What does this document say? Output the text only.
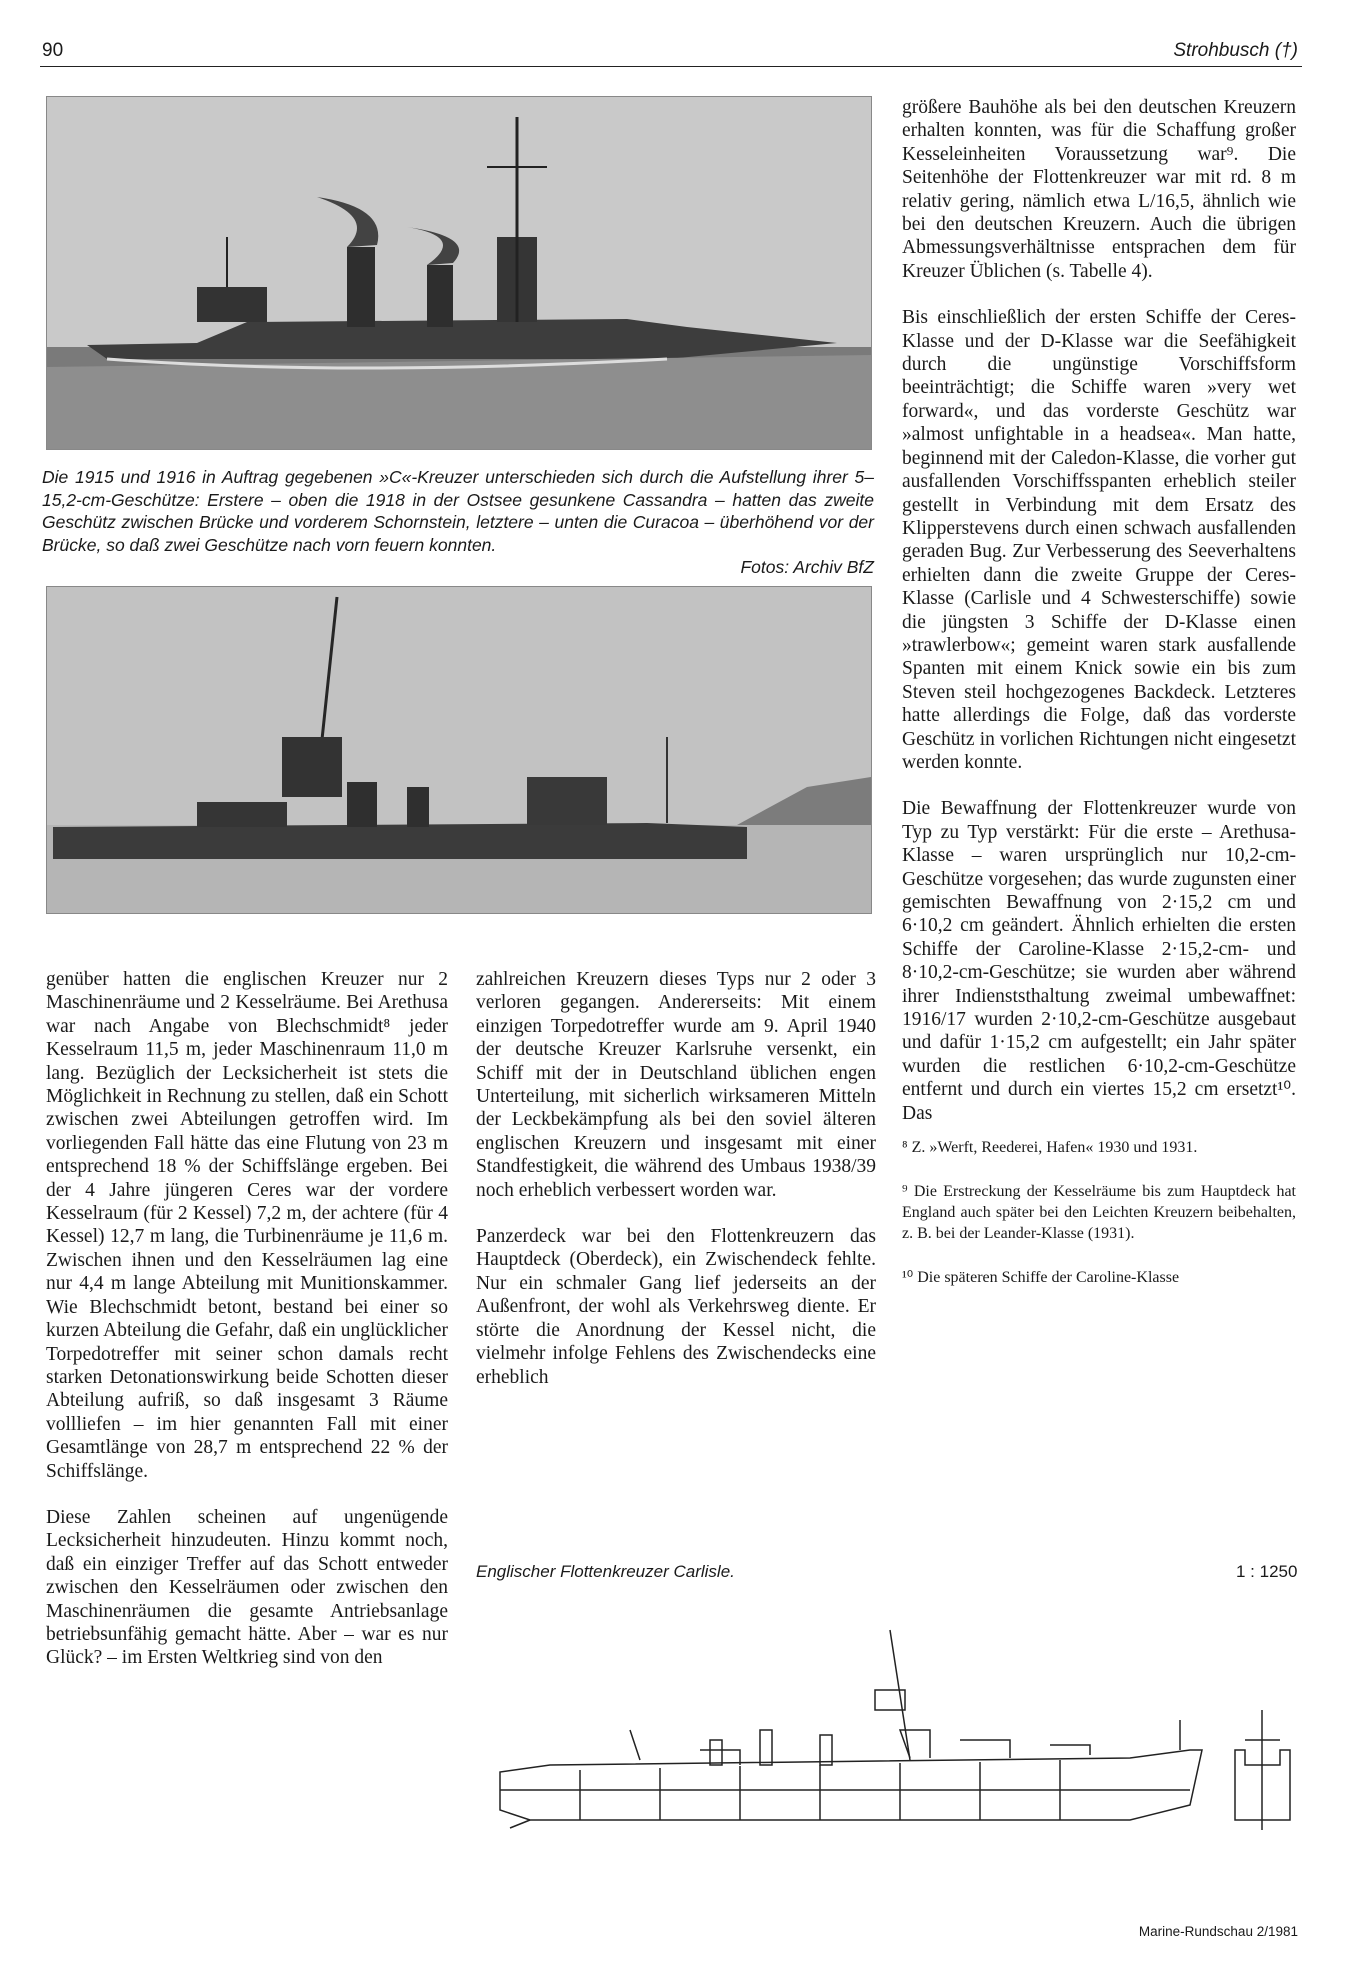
90	Strohbusch (†)
Die 1915 und 1916 in Auftrag gegebenen »C«-Kreuzer unterschieden sich durch die Aufstellung ihrer 5–15,2-cm-Geschütze: Erstere – oben die 1918 in der Ostsee gesunkene Cassandra – hatten das zweite Geschütz zwischen Brücke und vorderem Schornstein, letztere – unten die Curacoa – überhöhend vor der Brücke, so daß zwei Geschütze nach vorn feuern konnten.
Fotos: Archiv BfZ

größere Bauhöhe als bei den deutschen Kreuzern erhalten konnten, was für die Schaffung großer Kesseleinheiten Voraussetzung war⁹. Die Seitenhöhe der Flottenkreuzer war mit rd. 8 m relativ gering, nämlich etwa L/16,5, ähnlich wie bei den deutschen Kreuzern. Auch die übrigen Abmessungsverhältnisse entsprachen dem für Kreuzer Üblichen (s. Tabelle 4).

Bis einschließlich der ersten Schiffe der Ceres-Klasse und der D-Klasse war die Seefähigkeit durch die ungünstige Vorschiffsform beeinträchtigt; die Schiffe waren »very wet forward«, und das vorderste Geschütz war »almost unfightable in a headsea«. Man hatte, beginnend mit der Caledon-Klasse, die vorher gut ausfallenden Vorschiffsspanten erheblich steiler gestellt in Verbindung mit dem Ersatz des Klipperstevens durch einen schwach ausfallenden geraden Bug. Zur Verbesserung des Seeverhaltens erhielten dann die zweite Gruppe der Ceres-Klasse (Carlisle und 4 Schwesterschiffe) sowie die jüngsten 3 Schiffe der D-Klasse einen »trawlerbow«; gemeint waren stark ausfallende Spanten mit einem Knick sowie ein bis zum Steven steil hochgezogenes Backdeck. Letzteres hatte allerdings die Folge, daß das vorderste Geschütz in vorlichen Richtungen nicht eingesetzt werden konnte.

Die Bewaffnung der Flottenkreuzer wurde von Typ zu Typ verstärkt: Für die erste – Arethusa-Klasse – waren ursprünglich nur 10,2-cm-Geschütze vorgesehen; das wurde zugunsten einer gemischten Bewaffnung von 2·15,2 cm und 6·10,2 cm geändert. Ähnlich erhielten die ersten Schiffe der Caroline-Klasse 2·15,2-cm- und 8·10,2-cm-Geschütze; sie wurden aber während ihrer Indienststhaltung zweimal umbewaffnet: 1916/17 wurden 2·10,2-cm-Geschütze ausgebaut und dafür 1·15,2 cm aufgestellt; ein Jahr später wurden die restlichen 6·10,2-cm-Geschütze entfernt und durch ein viertes 15,2 cm ersetzt¹⁰. Das

⁸ Z. »Werft, Reederei, Hafen« 1930 und 1931.

⁹ Die Erstreckung der Kesselräume bis zum Hauptdeck hat England auch später bei den Leichten Kreuzern beibehalten, z. B. bei der Leander-Klasse (1931).

¹⁰ Die späteren Schiffe der Caroline-Klasse

genüber hatten die englischen Kreuzer nur 2 Maschinenräume und 2 Kesselräume. Bei Arethusa war nach Angabe von Blechschmidt⁸ jeder Kesselraum 11,5 m, jeder Maschinenraum 11,0 m lang. Bezüglich der Lecksicherheit ist stets die Möglichkeit in Rechnung zu stellen, daß ein Schott zwischen zwei Abteilungen getroffen wird. Im vorliegenden Fall hätte das eine Flutung von 23 m entsprechend 18 % der Schiffslänge ergeben. Bei der 4 Jahre jüngeren Ceres war der vordere Kesselraum (für 2 Kessel) 7,2 m, der achtere (für 4 Kessel) 12,7 m lang, die Turbinenräume je 11,6 m. Zwischen ihnen und den Kesselräumen lag eine nur 4,4 m lange Abteilung mit Munitionskammer. Wie Blechschmidt betont, bestand bei einer so kurzen Abteilung die Gefahr, daß ein unglücklicher Torpedotreffer mit seiner schon damals recht starken Detonationswirkung beide Schotten dieser Abteilung aufriß, so daß insgesamt 3 Räume vollliefen – im hier genannten Fall mit einer Gesamtlänge von 28,7 m entsprechend 22 % der Schiffslänge.

Diese Zahlen scheinen auf ungenügende Lecksicherheit hinzudeuten. Hinzu kommt noch, daß ein einziger Treffer auf das Schott entweder zwischen den Kesselräumen oder zwischen den Maschinenräumen die gesamte Antriebsanlage betriebsunfähig gemacht hätte. Aber – war es nur Glück? – im Ersten Weltkrieg sind von den

zahlreichen Kreuzern dieses Typs nur 2 oder 3 verloren gegangen. Andererseits: Mit einem einzigen Torpedotreffer wurde am 9. April 1940 der deutsche Kreuzer Karlsruhe versenkt, ein Schiff mit der in Deutschland üblichen engen Unterteilung, mit sicherlich wirksameren Mitteln der Leckbekämpfung als bei den soviel älteren englischen Kreuzern und insgesamt mit einer Standfestigkeit, die während des Umbaus 1938/39 noch erheblich verbessert worden war.

Panzerdeck war bei den Flottenkreuzern das Hauptdeck (Oberdeck), ein Zwischendeck fehlte. Nur ein schmaler Gang lief jederseits an der Außenfront, der wohl als Verkehrsweg diente. Er störte die Anordnung der Kessel nicht, die vielmehr infolge Fehlens des Zwischendecks eine erheblich

Englischer Flottenkreuzer Carlisle.	1 : 1250
Marine-Rundschau 2/1981
